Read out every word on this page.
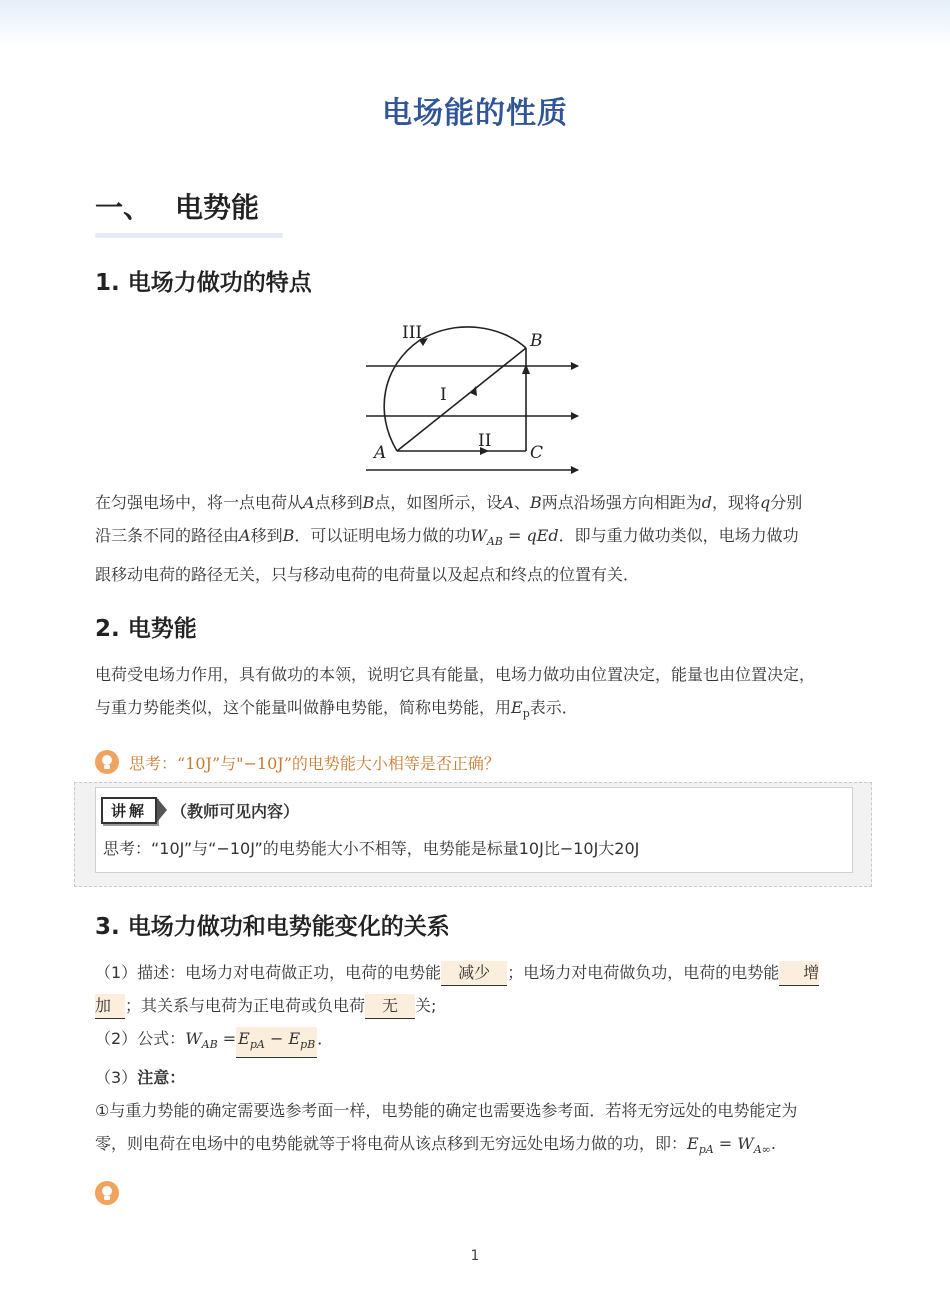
电场能的性质
一、 电势能
1. 电场力做功的特点
III
I
II
A
B
C
在匀强电场中，将一点电荷从A点移到B点，如图所示，设A、B两点沿场强方向相距为d，现将q分别
沿三条不同的路径由A移到B．可以证明电场力做的功$W_{AB}$ = qEd．即与重力做功类似，电场力做功
跟移动电荷的路径无关，只与移动电荷的电荷量以及起点和终点的位置有关．
2. 电势能
电荷受电场力作用，具有做功的本领，说明它具有能量，电场力做功由位置决定，能量也由位置决定，
与重力势能类似，这个能量叫做静电势能，简称电势能，用$E_p$表示．
思考： “10J”与"−10J”的电势能大小相等是否正确？
讲解	（教师可见内容）
思考：“10J”与“−10J”的电势能大小不相等，电势能是标量10J比−10J大20J
3. 电场力做功和电势能变化的关系
（1）描述：电场力对电荷做正功，电荷的电势能 减少 ；电场力对电荷做负功，电荷的电势能 增
加 ；其关系与电荷为正电荷或负电荷 无 关;
（2）公式：$W_{AB} = E_{pA} - E_{pB}$ ．
（3）注意：
①与重力势能的确定需要选参考面一样，电势能的确定也需要选参考面．若将无穷远处的电势能定为
零，则电荷在电场中的电势能就等于将电荷从该点移到无穷远处电场力做的功，即：$E_{pA} = W_{A\infty}$.
1
